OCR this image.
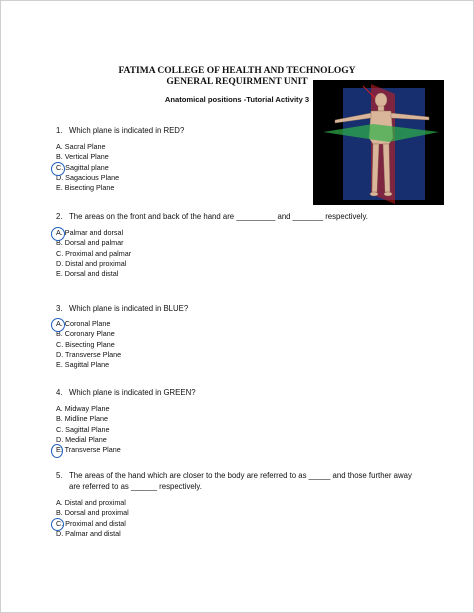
FATIMA COLLEGE OF HEALTH AND TECHNOLOGY
GENERAL REQUIRMENT UNIT
Anatomical positions -Tutorial Activity 3
1. Which plane is indicated in RED?
A. Sacral Plane
B. Vertical Plane
C. Sagittal plane
D. Sagacious Plane
E. Bisecting Plane
2. The areas on the front and back of the hand are _________ and _______ respectively.
A. Palmar and dorsal
B. Dorsal and palmar
C. Proximal and palmar
D. Distal and proximal
E. Dorsal and distal
3. Which plane is indicated in BLUE?
A. Coronal Plane
B. Coronary Plane
C. Bisecting Plane
D. Transverse Plane
E. Sagittal Plane
4. Which plane is indicated in GREEN?
A. Midway Plane
B. Midline Plane
C. Sagittal Plane
D. Medial Plane
E. Transverse Plane
5. The areas of the hand which are closer to the body are referred to as _____ and those further away are referred to as ______ respectively.
A. Distal and proximal
B. Dorsal and proximal
C. Proximal and distal
D. Palmar and distal
